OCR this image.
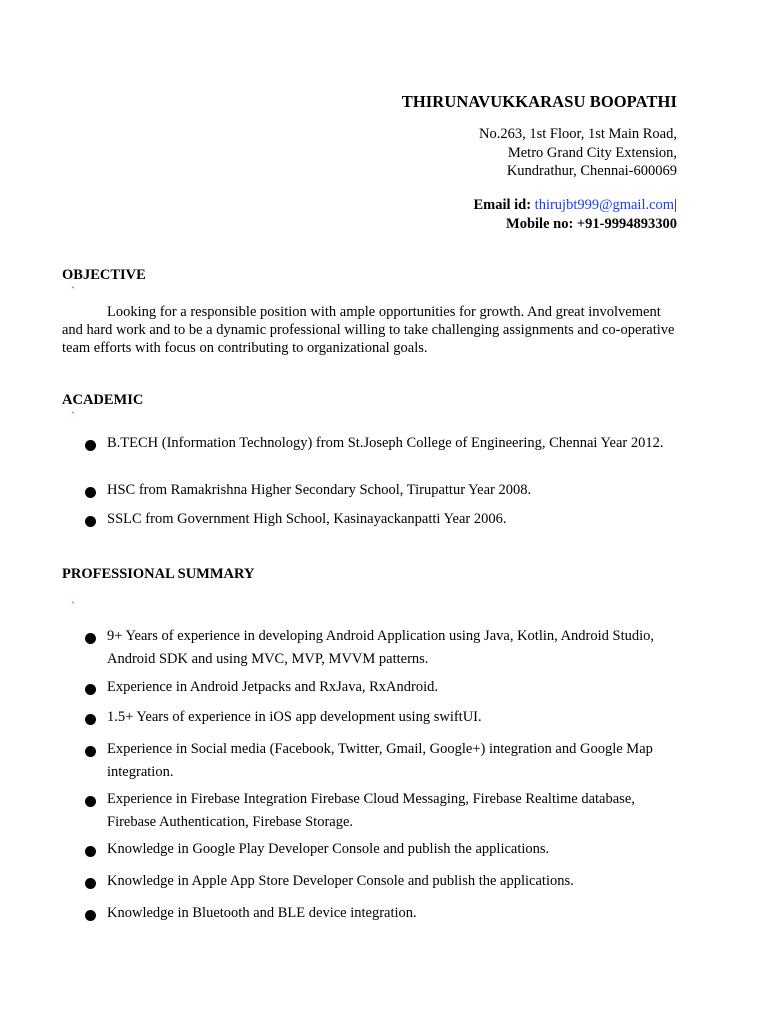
THIRUNAVUKKARASU BOOPATHI
No.263, 1st Floor, 1st Main Road,
Metro Grand City Extension,
Kundrathur, Chennai-600069
Email id: thirujbt999@gmail.com|
Mobile no: +91-9994893300
OBJECTIVE
`
Looking for a responsible position with ample opportunities for growth. And great involvement and hard work and to be a dynamic professional willing to take challenging assignments and co-operative team efforts with focus on contributing to organizational goals.
ACADEMIC
`
B.TECH (Information Technology) from St.Joseph College of Engineering, Chennai Year 2012.
HSC from Ramakrishna Higher Secondary School, Tirupattur Year 2008.
SSLC from Government High School, Kasinayackanpatti Year 2006.
PROFESSIONAL SUMMARY
`
9+ Years of experience in developing Android Application using Java, Kotlin, Android Studio, Android SDK and using MVC, MVP, MVVM patterns.
Experience in Android Jetpacks and RxJava, RxAndroid.
1.5+ Years of experience in iOS app development using swiftUI.
Experience in Social media (Facebook, Twitter, Gmail, Google+) integration and Google Map integration.
Experience in Firebase Integration Firebase Cloud Messaging, Firebase Realtime database, Firebase Authentication, Firebase Storage.
Knowledge in Google Play Developer Console and publish the applications.
Knowledge in Apple App Store Developer Console and publish the applications.
Knowledge in Bluetooth and BLE device integration.
